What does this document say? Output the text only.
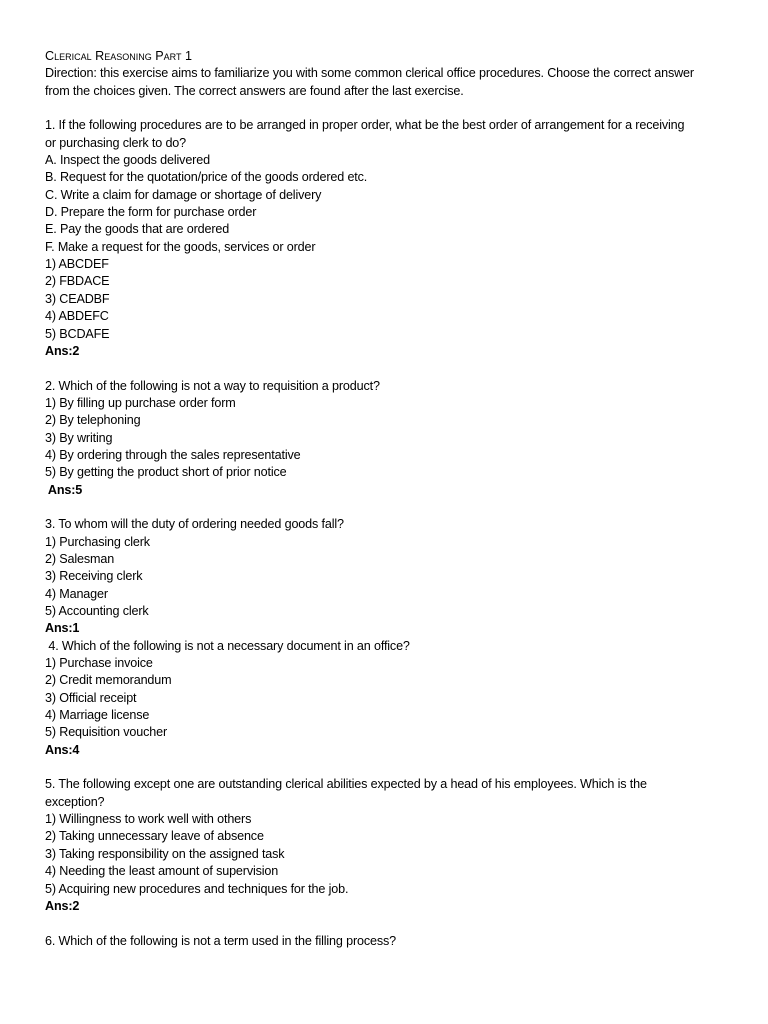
Clerical Reasoning Part 1
Direction: this exercise aims to familiarize you with some common clerical office procedures. Choose the correct answer
from the choices given. The correct answers are found after the last exercise.
1. If the following procedures are to be arranged in proper order, what be the best order of arrangement for a receiving
or purchasing clerk to do?
A. Inspect the goods delivered
B. Request for the quotation/price of the goods ordered etc.
C. Write a claim for damage or shortage of delivery
D. Prepare the form for purchase order
E. Pay the goods that are ordered
F. Make a request for the goods, services or order
1) ABCDEF
2) FBDACE
3) CEADBF
4) ABDEFC
5) BCDAFE
Ans:2
2. Which of the following is not a way to requisition a product?
1) By filling up purchase order form
2) By telephoning
3) By writing
4) By ordering through the sales representative
5) By getting the product short of prior notice
Ans:5
3. To whom will the duty of ordering needed goods fall?
1) Purchasing clerk
2) Salesman
3) Receiving clerk
4) Manager
5) Accounting clerk
Ans:1
4. Which of the following is not a necessary document in an office?
1) Purchase invoice
2) Credit memorandum
3) Official receipt
4) Marriage license
5) Requisition voucher
Ans:4
5. The following except one are outstanding clerical abilities expected by a head of his employees. Which is the
exception?
1) Willingness to work well with others
2) Taking unnecessary leave of absence
3) Taking responsibility on the assigned task
4) Needing the least amount of supervision
5) Acquiring new procedures and techniques for the job.
Ans:2
6. Which of the following is not a term used in the filling process?
